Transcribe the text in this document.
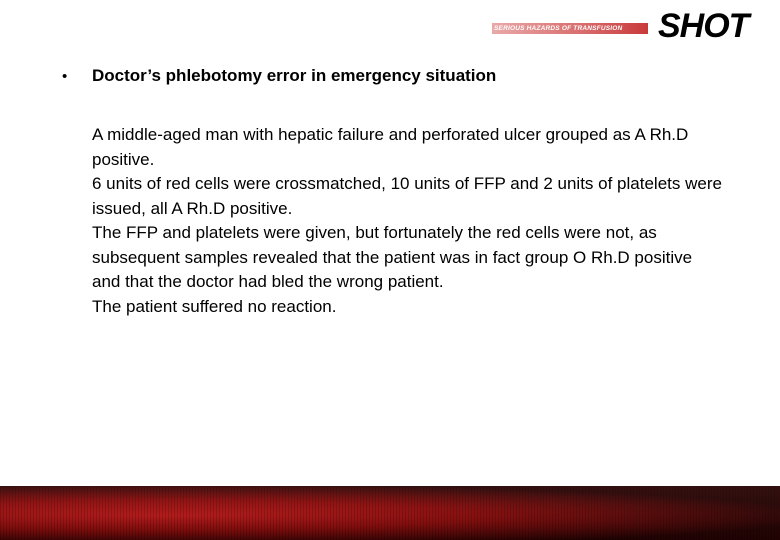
SERIOUS HAZARDS OF TRANSFUSION SHOT
•	Doctor’s phlebotomy error in emergency situation

A middle-aged man with hepatic failure and perforated ulcer grouped as A Rh.D positive.

6 units of red cells were crossmatched, 10 units of FFP and 2 units of platelets were issued, all A Rh.D positive.

The FFP and platelets were given, but fortunately the red cells were not, as subsequent samples revealed that the patient was in fact group O Rh.D positive and that the doctor had bled the wrong patient.

The patient suffered no reaction.
